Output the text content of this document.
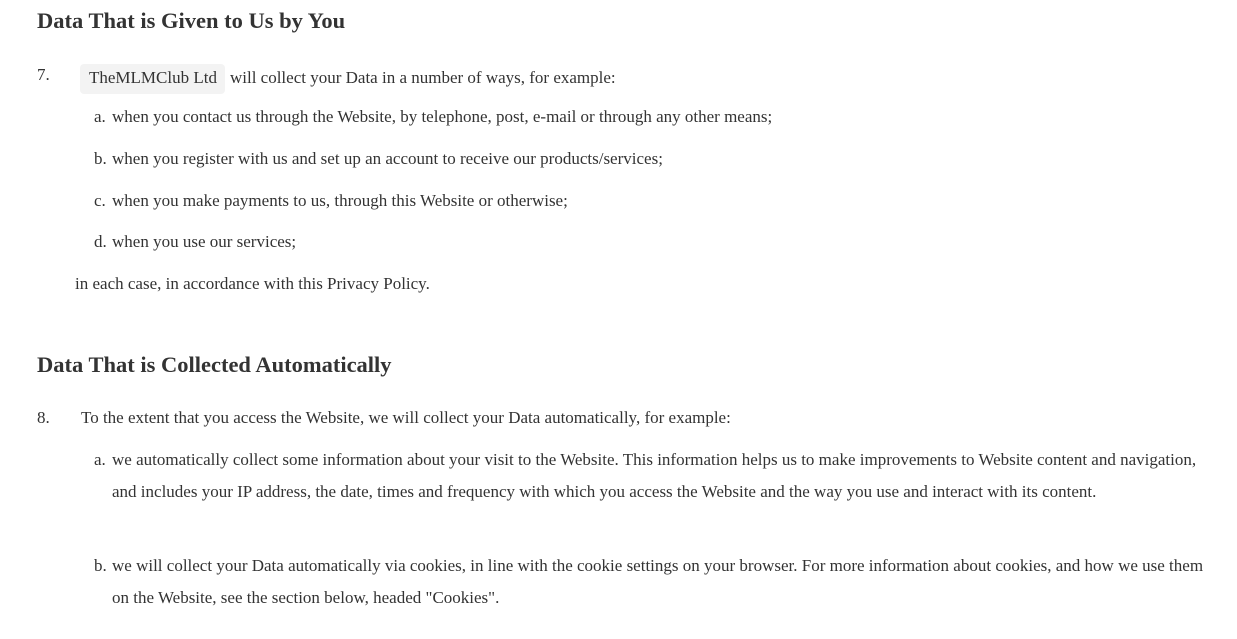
Data That is Given to Us by You
7.	TheMLMClub Ltd will collect your Data in a number of ways, for example:
a. when you contact us through the Website, by telephone, post, e-mail or through any other means;
b. when you register with us and set up an account to receive our products/services;
c. when you make payments to us, through this Website or otherwise;
d. when you use our services;
in each case, in accordance with this Privacy Policy.
Data That is Collected Automatically
8. To the extent that you access the Website, we will collect your Data automatically, for example:
a. we automatically collect some information about your visit to the Website. This information helps us to make improvements to Website content and navigation, and includes your IP address, the date, times and frequency with which you access the Website and the way you use and interact with its content.
b. we will collect your Data automatically via cookies, in line with the cookie settings on your browser. For more information about cookies, and how we use them on the Website, see the section below, headed "Cookies".
